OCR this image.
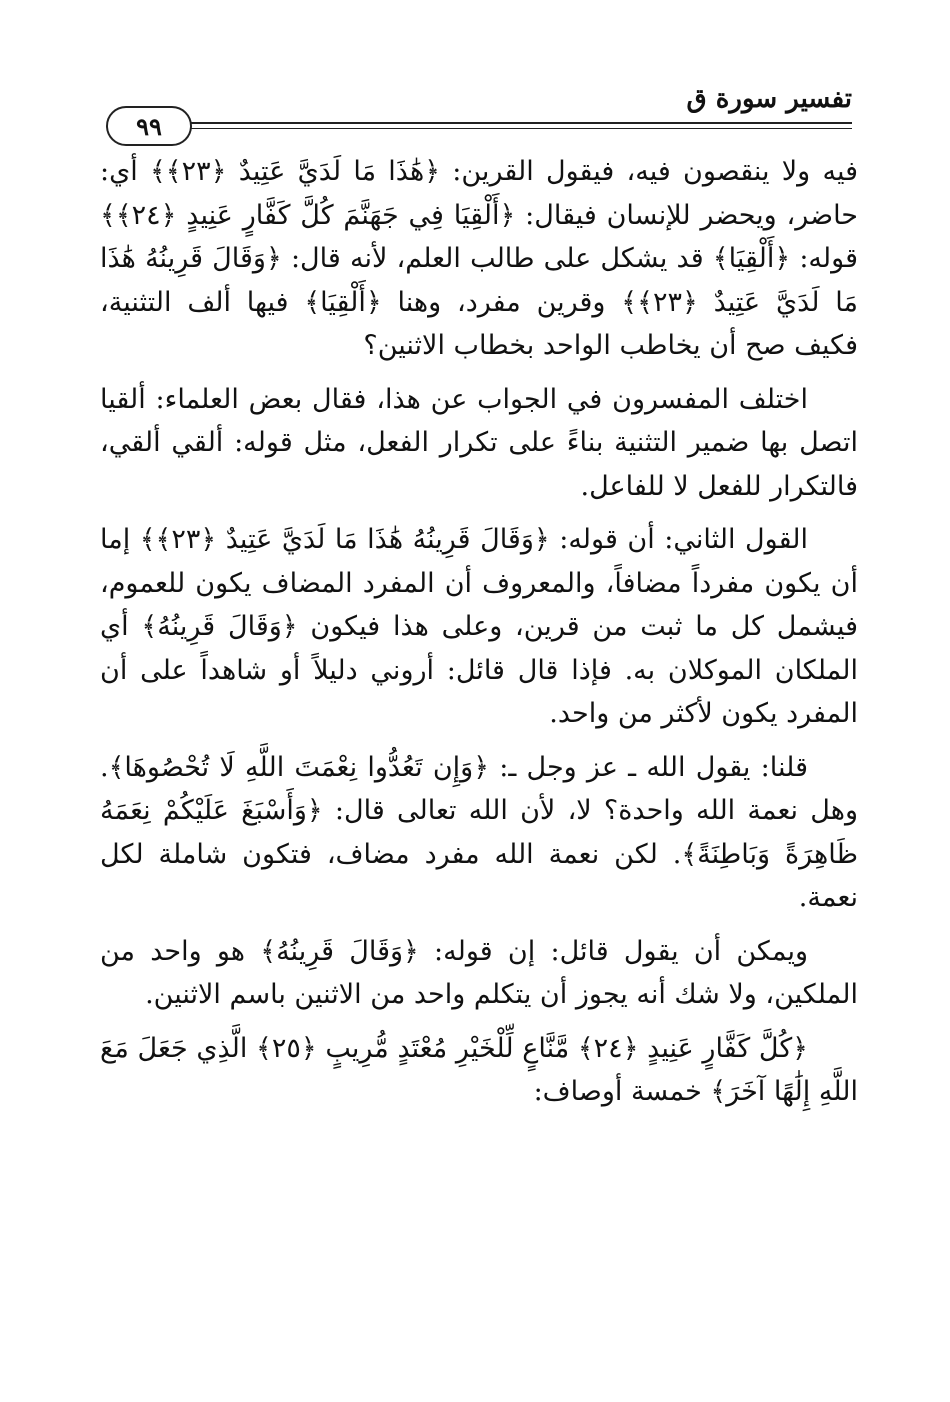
تفسير سورة ق
٩٩

فيه ولا ينقصون فيه، فيقول القرين: ﴿هَٰذَا مَا لَدَيَّ عَتِيدٌ ﴿٢٣﴾﴾ أي: حاضر، ويحضر للإنسان فيقال: ﴿أَلْقِيَا فِي جَهَنَّمَ كُلَّ كَفَّارٍ عَنِيدٍ ﴿٢٤﴾﴾ قوله: ﴿أَلْقِيَا﴾ قد يشكل على طالب العلم، لأنه قال: ﴿وَقَالَ قَرِينُهُ هَٰذَا مَا لَدَيَّ عَتِيدٌ ﴿٢٣﴾﴾ وقرين مفرد، وهنا ﴿أَلْقِيَا﴾ فيها ألف التثنية، فكيف صح أن يخاطب الواحد بخطاب الاثنين؟

اختلف المفسرون في الجواب عن هذا، فقال بعض العلماء: ألقيا اتصل بها ضمير التثنية بناءً على تكرار الفعل، مثل قوله: ألقي ألقي، فالتكرار للفعل لا للفاعل.

القول الثاني: أن قوله: ﴿وَقَالَ قَرِينُهُ هَٰذَا مَا لَدَيَّ عَتِيدٌ ﴿٢٣﴾﴾ إما أن يكون مفرداً مضافاً، والمعروف أن المفرد المضاف يكون للعموم، فيشمل كل ما ثبت من قرين، وعلى هذا فيكون ﴿وَقَالَ قَرِينُهُ﴾ أي الملكان الموكلان به. فإذا قال قائل: أروني دليلاً أو شاهداً على أن المفرد يكون لأكثر من واحد.

قلنا: يقول الله ـ عز وجل ـ: ﴿وَإِن تَعُدُّوا نِعْمَتَ اللَّهِ لَا تُحْصُوهَا﴾. وهل نعمة الله واحدة؟ لا، لأن الله تعالى قال: ﴿وَأَسْبَغَ عَلَيْكُمْ نِعَمَهُ ظَاهِرَةً وَبَاطِنَةً﴾. لكن نعمة الله مفرد مضاف، فتكون شاملة لكل نعمة.

ويمكن أن يقول قائل: إن قوله: ﴿وَقَالَ قَرِينُهُ﴾ هو واحد من الملكين، ولا شك أنه يجوز أن يتكلم واحد من الاثنين باسم الاثنين.

﴿كُلَّ كَفَّارٍ عَنِيدٍ ﴿٢٤﴾ مَّنَّاعٍ لِّلْخَيْرِ مُعْتَدٍ مُّرِيبٍ ﴿٢٥﴾ الَّذِي جَعَلَ مَعَ اللَّهِ إِلَٰهًا آخَرَ﴾ خمسة أوصاف:
